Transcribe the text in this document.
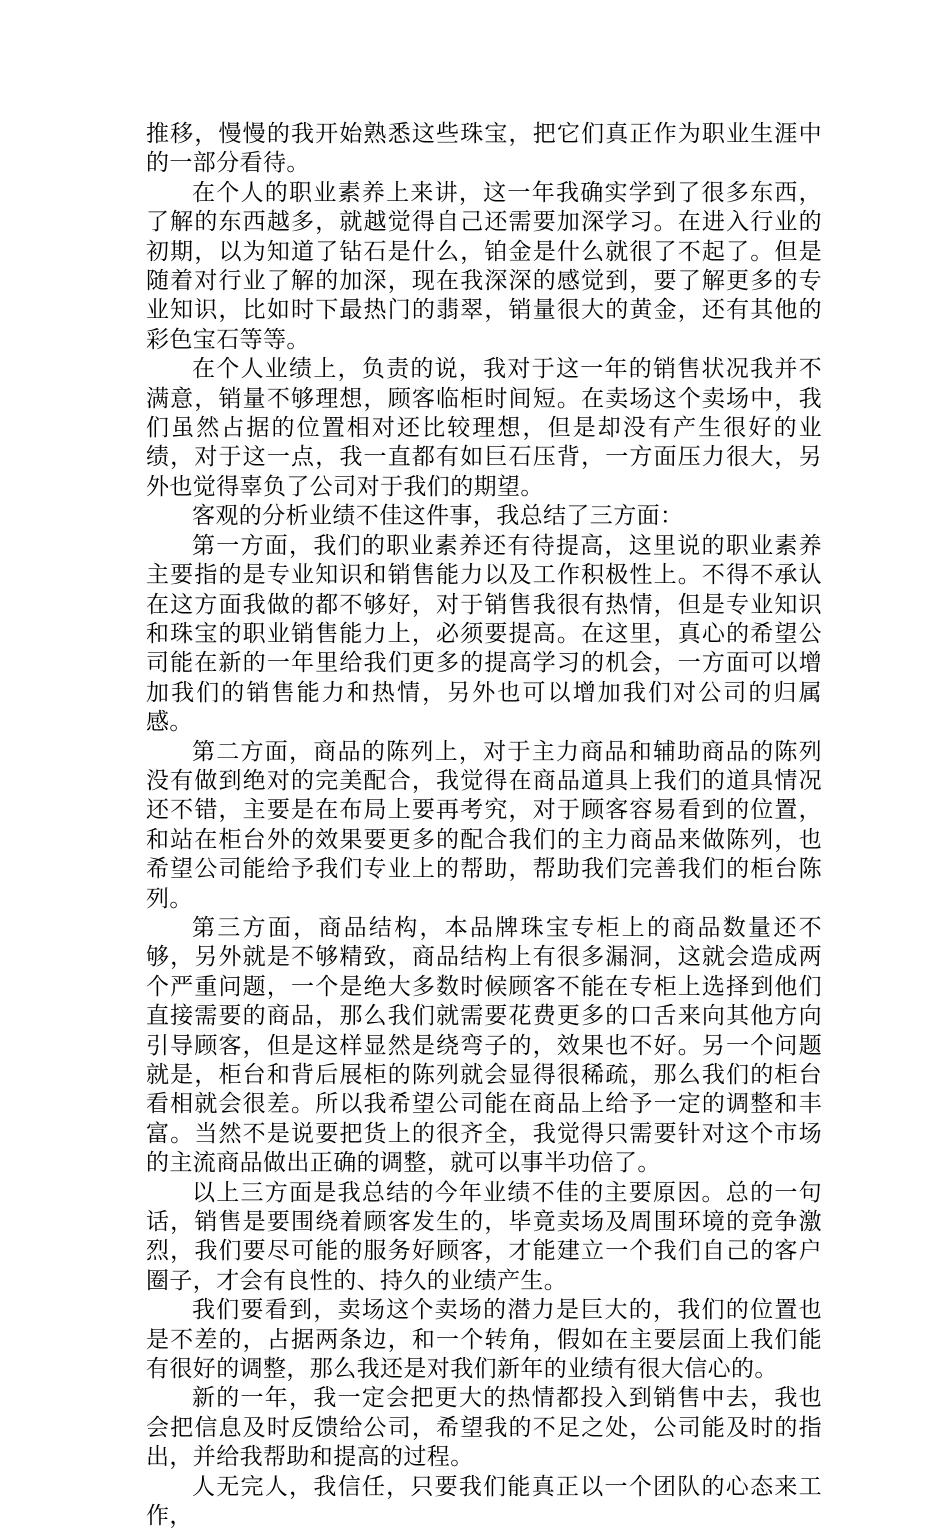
推移，慢慢的我开始熟悉这些珠宝，把它们真正作为职业生涯中的一部分看待。

在个人的职业素养上来讲，这一年我确实学到了很多东西，了解的东西越多，就越觉得自己还需要加深学习。在进入行业的初期，以为知道了钻石是什么，铂金是什么就很了不起了。但是随着对行业了解的加深，现在我深深的感觉到，要了解更多的专业知识，比如时下最热门的翡翠，销量很大的黄金，还有其他的彩色宝石等等。

在个人业绩上，负责的说，我对于这一年的销售状况我并不满意，销量不够理想，顾客临柜时间短。在卖场这个卖场中，我们虽然占据的位置相对还比较理想，但是却没有产生很好的业绩，对于这一点，我一直都有如巨石压背，一方面压力很大，另外也觉得辜负了公司对于我们的期望。

客观的分析业绩不佳这件事，我总结了三方面：

第一方面，我们的职业素养还有待提高，这里说的职业素养主要指的是专业知识和销售能力以及工作积极性上。不得不承认在这方面我做的都不够好，对于销售我很有热情，但是专业知识和珠宝的职业销售能力上，必须要提高。在这里，真心的希望公司能在新的一年里给我们更多的提高学习的机会，一方面可以增加我们的销售能力和热情，另外也可以增加我们对公司的归属感。

第二方面，商品的陈列上，对于主力商品和辅助商品的陈列没有做到绝对的完美配合，我觉得在商品道具上我们的道具情况还不错，主要是在布局上要再考究，对于顾客容易看到的位置，和站在柜台外的效果要更多的配合我们的主力商品来做陈列，也希望公司能给予我们专业上的帮助，帮助我们完善我们的柜台陈列。

第三方面，商品结构，本品牌珠宝专柜上的商品数量还不够，另外就是不够精致，商品结构上有很多漏洞，这就会造成两个严重问题，一个是绝大多数时候顾客不能在专柜上选择到他们直接需要的商品，那么我们就需要花费更多的口舌来向其他方向引导顾客，但是这样显然是绕弯子的，效果也不好。另一个问题就是，柜台和背后展柜的陈列就会显得很稀疏，那么我们的柜台看相就会很差。所以我希望公司能在商品上给予一定的调整和丰富。当然不是说要把货上的很齐全，我觉得只需要针对这个市场的主流商品做出正确的调整，就可以事半功倍了。

以上三方面是我总结的今年业绩不佳的主要原因。总的一句话，销售是要围绕着顾客发生的，毕竟卖场及周围环境的竞争激烈，我们要尽可能的服务好顾客，才能建立一个我们自己的客户圈子，才会有良性的、持久的业绩产生。

我们要看到，卖场这个卖场的潜力是巨大的，我们的位置也是不差的，占据两条边，和一个转角，假如在主要层面上我们能有很好的调整，那么我还是对我们新年的业绩有很大信心的。

新的一年，我一定会把更大的热情都投入到销售中去，我也会把信息及时反馈给公司，希望我的不足之处，公司能及时的指出，并给我帮助和提高的过程。

人无完人，我信任，只要我们能真正以一个团队的心态来工作，
